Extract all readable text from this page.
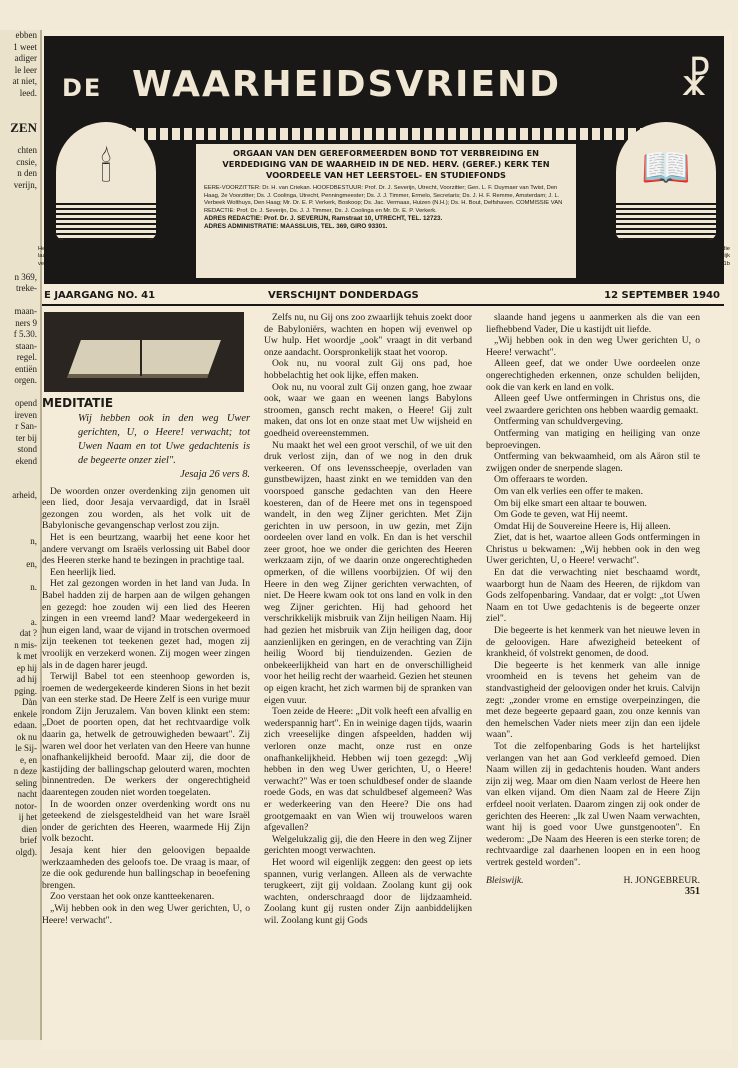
ebben
1 weet
adiger
le leer
at niet,
leed.

ZEN

chten
cnsie,
n den
verijn,

n 369,
treke-

maan-
ners 9
f 5.30.
staan-
regel.
entiën
orgen.

opend
ireven
r San-
ter bij
stond
ekend

arheid,

n,

en,

n.

a.
dat ?
n mis-
k met
ep hij
ad hij
pging.
Dàn
enkele
edaan.
ok nu
le Sij-
e, en
n deze
seling
nacht
notor-
ij het
dien
brief
olgd).
DE WAARHEIDSVRIEND	☧
🕯	📖
ORGAAN VAN DEN GEREFORMEERDEN BOND TOT VERBREIDING EN VERDEDIGING VAN DE WAARHEID IN DE NED. HERV. (GEREF.) KERK TEN VOORDEELE VAN HET LEERSTOEL- EN STUDIEFONDS
EERE-VOORZITTER: Dr. H. van Criekan. HOOFDBESTUUR: Prof. Dr. J. Severijn, Utrecht, Voorzitter; Gen. L. F. Duymaer van Twist, Den Haag, 2e Voorzitter; Ds. J. Coolinga, Utrecht, Penningmeester; Ds. J. J. Timmer, Ermelo, Secretaris; Ds. J. H. F. Remme, Amsterdam; J. L. Verbeek Wolthuys, Den Haag; Mr. Dr. E. P. Verkerk, Boskoop; Ds. Jac. Vermaas, Huizen (N.H.); Ds. H. Bout, Delfshaven. COMMISSIE VAN REDACTIE: Prof. Dr. J. Severijn, Ds. J. J. Timmer, Ds. J. Coolinga en Mr. Dr. E. P. Verkerk.
ADRES REDACTIE: Prof. Dr. J. SEVERIJN, Ramstraat 10, UTRECHT, TEL. 12723.
ADRES ADMINISTRATIE: MAASSLUIS, TEL. 369, GIRO 93301.
Heere, God der heirscharen, brang ons weder; laat Uw aanschijn lichten, zoo zullen wij verlost worden. Psalm 80 : 20
Heilige Vader! bewaar ze in Uwen Naam, die Gij mij gegeven hebt, opdat zij één zijn gelijk als wij. Johannes 17 : 11b
E JAARGANG NO. 41	VERSCHIJNT DONDERDAGS	12 SEPTEMBER 1940
MEDITATIE
Wij hebben ook in den weg Uwer gerichten, U, o Heere! verwacht; tot Uwen Naam en tot Uwe gedachtenis is de begeerte onzer ziel".
Jesaja 26 vers 8.

De woorden onzer overdenking zijn genomen uit een lied, door Jesaja vervaardigd, dat in Israël gezongen zou worden, als het volk uit de Babylonische gevangenschap verlost zou zijn.

Het is een beurtzang, waarbij het eene koor het andere vervangt om Israëls verlossing uit Babel door des Heeren sterke hand te bezingen in prachtige taal.

Een heerlijk lied.

Het zal gezongen worden in het land van Juda. In Babel hadden zij de harpen aan de wilgen gehangen en gezegd: hoe zouden wij een lied des Heeren zingen in een vreemd land? Maar wedergekeerd in hun eigen land, waar de vijand in trotschen overmoed zijn teekenen tot teekenen gezet had, mogen zij vroolijk en verzekerd wonen. Zij mogen weer zingen als in de dagen harer jeugd.

Terwijl Babel tot een steenhoop geworden is, roemen de wedergekeerde kinderen Sions in het bezit van een sterke stad. De Heere Zelf is een vurige muur rondom Zijn Jeruzalem. Van boven klinkt een stem: „Doet de poorten open, dat het rechtvaardige volk daarin ga, hetwelk de getrouwigheden bewaart". Zij waren wel door het verlaten van den Heere van hunne onafhankelijkheid beroofd. Maar zij, die door de kastijding der ballingschap gelouterd waren, mochten binnentreden. De werkers der ongerechtigheid daarentegen zouden niet worden toegelaten.

In de woorden onzer overdenking wordt ons nu geteekend de zielsgesteldheid van het ware Israël onder de gerichten des Heeren, waarmede Hij Zijn volk bezocht.

Jesaja kent hier den geloovigen bepaalde werkzaamheden des geloofs toe. De vraag is maar, of ze die ook gedurende hun ballingschap in beoefening brengen.

Zoo verstaan het ook onze kantteekenaren.

„Wij hebben ook in den weg Uwer gerichten, U, o Heere! verwacht".

Zelfs nu, nu Gij ons zoo zwaarlijk tehuis zoekt door de Babyloniërs, wachten en hopen wij evenwel op Uw hulp. Het woordje „ook" vraagt in dit verband onze aandacht. Oorspronkelijk staat het voorop.

Ook nu, nu vooral zult Gij ons pad, hoe hobbelachtig het ook lijke, effen maken.

Ook nu, nu vooral zult Gij onzen gang, hoe zwaar ook, waar we gaan en weenen langs Babylons stroomen, gansch recht maken, o Heere! Gij zult maken, dat ons lot en onze staat met Uw wijsheid en goedheid overeenstemmen.

Nu maakt het wel een groot verschil, of we uit den druk verlost zijn, dan of we nog in den druk verkeeren. Of ons levensscheepje, overladen van gunstbewijzen, haast zinkt en we temidden van den voorspoed gansche gedachten van den Heere koesteren, dan of de Heere met ons in tegenspoed wandelt, in den weg Zijner gerichten. Met Zijn gerichten in uw persoon, in uw gezin, met Zijn oordeelen over land en volk. En dan is het verschil zeer groot, hoe we onder die gerichten des Heeren werkzaam zijn, of we daarin onze ongerechtigheden opmerken, of die willens voorbijzien. Of wij den Heere in den weg Zijner gerichten verwachten, of niet. De Heere kwam ook tot ons land en volk in den weg Zijner gerichten. Hij had gehoord het verschrikkelijk misbruik van Zijn heiligen Naam. Hij had gezien het misbruik van Zijn heiligen dag, door aanzienlijken en geringen, en de verachting van Zijn heilig Woord bij tienduizenden. Gezien de onbekeerlijkheid van hart en de onverschilligheid voor het heilig recht der waarheid. Gezien het steunen op eigen kracht, het zich warmen bij de spranken van eigen vuur.

Toen zeide de Heere: „Dit volk heeft een afvallig en wederspannig hart". En in weinige dagen tijds, waarin zich vreeselijke dingen afspeelden, hadden wij verloren onze macht, onze rust en onze onafhankelijkheid. Hebben wij toen gezegd: „Wij hebben in den weg Uwer gerichten, U, o Heere! verwacht?" Was er toen schuldbesef onder de slaande roede Gods, en was dat schuldbesef algemeen? Was er wederkeering van den Heere? Die ons had grootgemaakt en van Wien wij trouweloos waren afgevallen?

Welgelukzalig gij, die den Heere in den weg Zijner gerichten moogt verwachten.

Het woord wil eigenlijk zeggen: den geest op iets spannen, vurig verlangen. Alleen als de verwachte terugkeert, zijt gij voldaan. Zoolang kunt gij ook wachten, onderschraagd door de lijdzaamheid. Zoolang kunt gij rusten onder Zijn aanbiddelijken wil. Zoolang kunt gij Gods

slaande hand jegens u aanmerken als die van een liefhebbend Vader, Die u kastijdt uit liefde.

„Wij hebben ook in den weg Uwer gerichten U, o Heere! verwacht".

Alleen geef, dat we onder Uwe oordeelen onze ongerechtigheden erkennen, onze schulden belijden, ook die van kerk en land en volk.

Alleen geef Uwe ontfermingen in Christus ons, die veel zwaardere gerichten ons hebben waardig gemaakt.

Ontferming van schuldvergeving.

Ontferming van matiging en heiliging van onze beproevingen.

Ontferming van bekwaamheid, om als Aäron stil te zwijgen onder de snerpende slagen.

Om offeraars te worden.

Om van elk verlies een offer te maken.

Om bij elke smart een altaar te bouwen.

Om Gode te geven, wat Hij neemt.

Omdat Hij de Souvereine Heere is, Hij alleen.

Ziet, dat is het, waartoe alleen Gods ontfermingen in Christus u bekwamen: „Wij hebben ook in den weg Uwer gerichten, U, o Heere! verwacht".

En dat die verwachting niet beschaamd wordt, waarborgt hun de Naam des Heeren, de rijkdom van Gods zelfopenbaring. Vandaar, dat er volgt: „tot Uwen Naam en tot Uwe gedachtenis is de begeerte onzer ziel".

Die begeerte is het kenmerk van het nieuwe leven in de geloovigen. Hare afwezigheid beteekent of krankheid, óf volstrekt genomen, de dood.

Die begeerte is het kenmerk van alle innige vroomheid en is tevens het geheim van de standvastigheid der geloovigen onder het kruis. Calvijn zegt: „zonder vrome en ernstige overpeinzingen, die met deze begeerte gepaard gaan, zou onze kennis van den hemelschen Vader niets meer zijn dan een ijdele waan".

Tot die zelfopenbaring Gods is het hartelijkst verlangen van het aan God verkleefd gemoed. Dien Naam willen zij in gedachtenis houden. Want anders zijn zij weg. Maar om dien Naam verlost de Heere hen van elken vijand. Om dien Naam zal de Heere Zijn erfdeel nooit verlaten. Daarom zingen zij ook onder de gerichten des Heeren: „Ik zal Uwen Naam verwachten, want hij is goed voor Uwe gunstgenooten". En wederom: „De Naam des Heeren is een sterke toren; de rechtvaardige zal daarhenen loopen en in een hoog vertrek gesteld worden".

Bleiswijk.	H. JONGEBREUR.
351
